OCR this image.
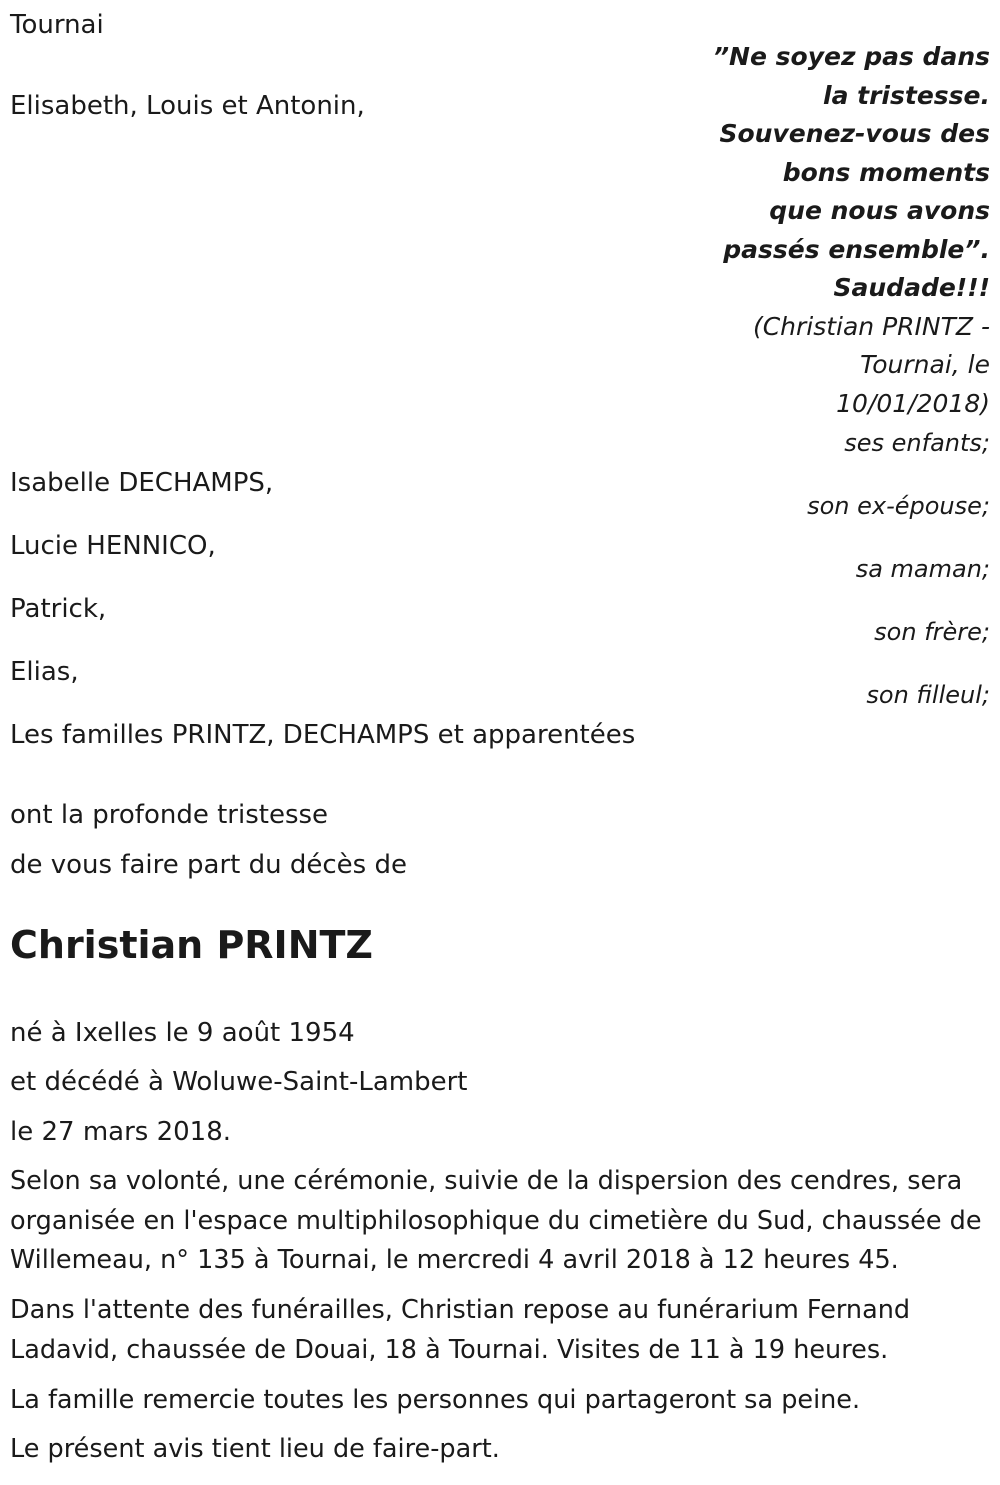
Tournai
Elisabeth, Louis et Antonin,
”Ne soyez pas dans
la tristesse.
Souvenez-vous des
bons moments
que nous avons
passés ensemble”.
Saudade!!!
(Christian PRINTZ -
Tournai, le
10/01/2018)
ses enfants;
Isabelle DECHAMPS,
son ex-épouse;
Lucie HENNICO,
sa maman;
Patrick,
son frère;
Elias,
son filleul;
Les familles PRINTZ, DECHAMPS et apparentées
ont la profonde tristesse
de vous faire part du décès de
Christian PRINTZ
né à Ixelles le 9 août 1954
et décédé à Woluwe-Saint-Lambert
le 27 mars 2018.
Selon sa volonté, une cérémonie, suivie de la dispersion des cendres, sera organisée en l'espace multiphilosophique du cimetière du Sud, chaussée de Willemeau, n° 135 à Tournai, le mercredi 4 avril 2018 à 12 heures 45.
Dans l'attente des funérailles, Christian repose au funérarium Fernand Ladavid, chaussée de Douai, 18 à Tournai. Visites de 11 à 19 heures.
La famille remercie toutes les personnes qui partageront sa peine.
Le présent avis tient lieu de faire-part.
